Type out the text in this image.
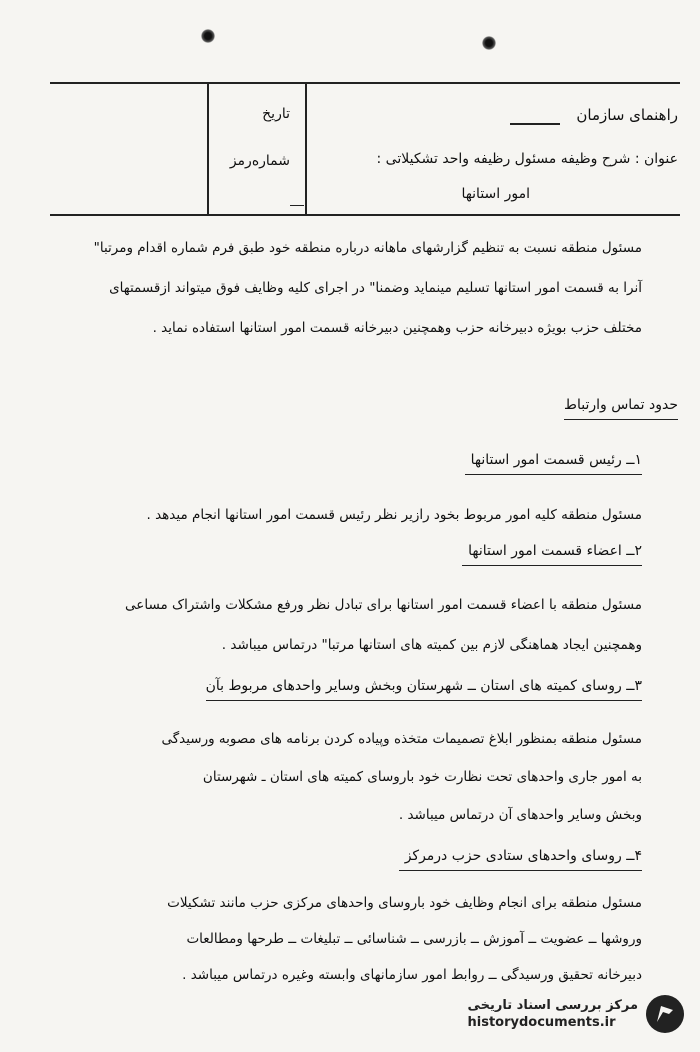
راهنمای سازمان
تاریخ
شماره‌رمز	عنوان : شرح وظیفه مسئول رظیفه واحد تشکیلاتی :
امور استانها

مسئول منطقه نسبت به تنظیم گزارشهای ماهانه درباره منطقه خود طبق فرم شماره اقدام ومرتبا"

آنرا به قسمت امور استانها تسلیم مینماید وضمنا" در اجرای کلیه وظایف فوق میتواند ازقسمتهای

مختلف حزب بویژه دبیرخانه حزب وهمچنین دبیرخانه قسمت امور استانها استفاده نماید .

حدود تماس وارتباط
۱ــ رئیس قسمت امور استانها

مسئول منطقه کلیه امور مربوط بخود رازیر نظر رئیس قسمت امور استانها انجام میدهد .

۲ــ اعضاء قسمت امور استانها

مسئول منطقه با اعضاء قسمت امور استانها برای تبادل نظر ورفع مشکلات واشتراک مساعی

وهمچنین ایجاد هماهنگی لازم بین کمیته های استانها مرتبا" درتماس میباشد .

۳ــ روسای کمیته های استان ــ شهرستان وبخش وسایر واحدهای مربوط بآن

مسئول منطقه بمنظور ابلاغ تصمیمات متخذه وپیاده کردن برنامه های مصوبه ورسیدگی

به امور جاری واحدهای تحت نظارت خود باروسای کمیته های استان ـ شهرستان

وبخش وسایر واحدهای آن درتماس میباشد .

۴ــ روسای واحدهای ستادی حزب درمرکز

مسئول منطقه برای انجام وظایف خود باروسای واحدهای مرکزی حزب مانند تشکیلات

وروشها ــ عضویت ــ آموزش ــ بازرسی ــ شناسائی ــ تبلیغات ــ طرحها ومطالعات

دبیرخانه تحقیق ورسیدگی ــ روابط امور سازمانهای وابسته وغیره درتماس میباشد .

مرکز بررسی اسناد تاریخی
historydocuments.ir
